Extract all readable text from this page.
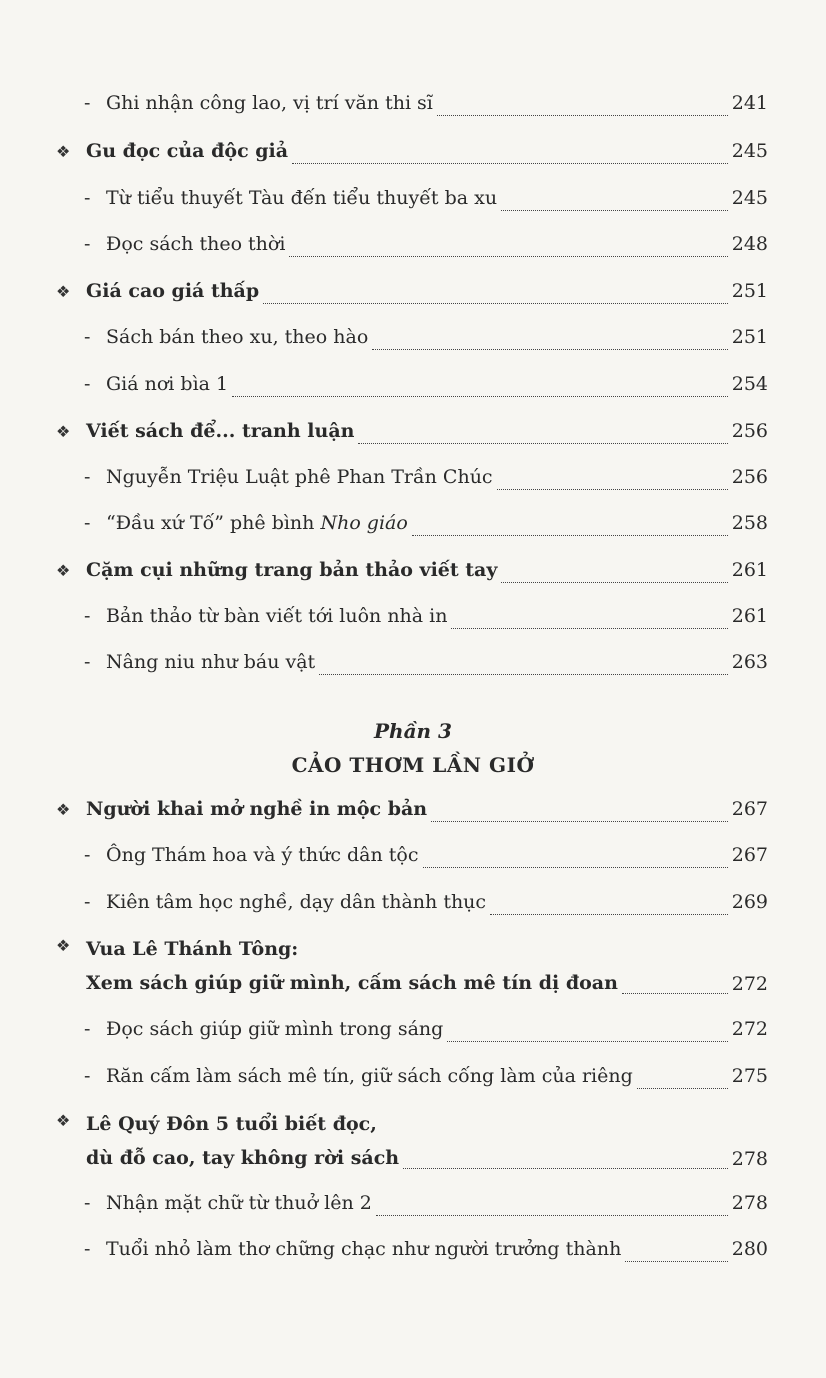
- Ghi nhận công lao, vị trí văn thi sĩ	241
❖ Gu đọc của độc giả	245
- Từ tiểu thuyết Tàu đến tiểu thuyết ba xu	245
- Đọc sách theo thời	248
❖ Giá cao giá thấp	251
- Sách bán theo xu, theo hào	251
- Giá nơi bìa 1	254
❖ Viết sách để... tranh luận	256
- Nguyễn Triệu Luật phê Phan Trần Chúc	256
- “Đầu xứ Tố” phê bình Nho giáo	258
❖ Cặm cụi những trang bản thảo viết tay	261
- Bản thảo từ bàn viết tới luôn nhà in	261
- Nâng niu như báu vật	263
Phần 3
CẢO THƠM LẦN GIỞ
❖ Người khai mở nghề in mộc bản	267
- Ông Thám hoa và ý thức dân tộc	267
- Kiên tâm học nghề, dạy dân thành thục	269
❖ Vua Lê Thánh Tông:
Xem sách giúp giữ mình, cấm sách mê tín dị đoan	272
- Đọc sách giúp giữ mình trong sáng	272
- Răn cấm làm sách mê tín, giữ sách cống làm của riêng	275
❖ Lê Quý Đôn 5 tuổi biết đọc,
dù đỗ cao, tay không rời sách	278
- Nhận mặt chữ từ thuở lên 2	278
- Tuổi nhỏ làm thơ chững chạc như người trưởng thành	280
